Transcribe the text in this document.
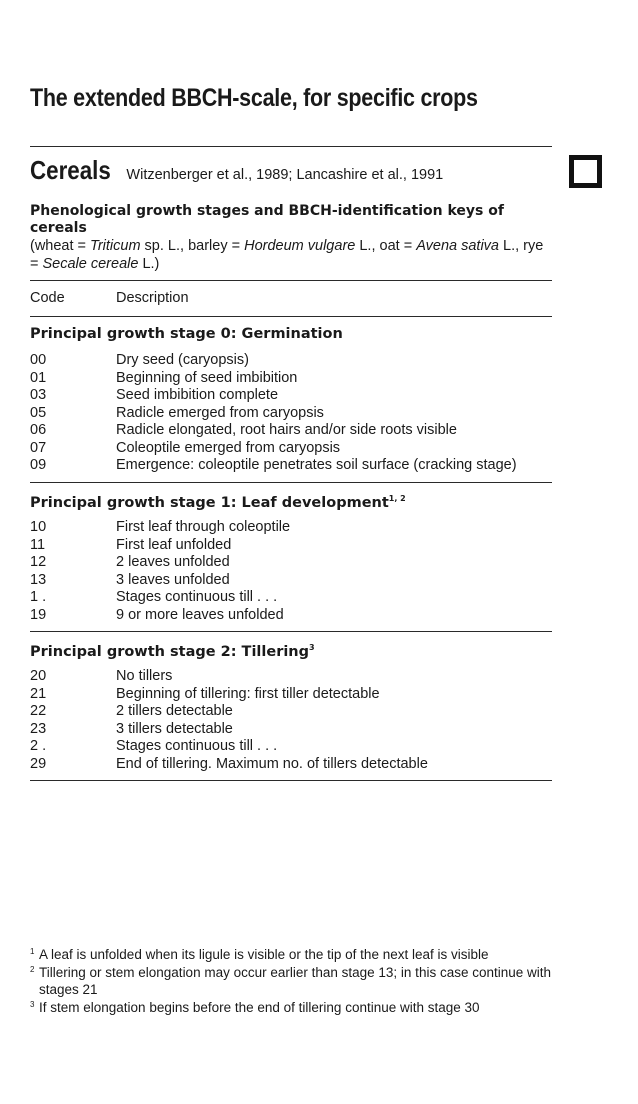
The extended BBCH-scale, for specific crops
Cereals Witzenberger et al., 1989; Lancashire et al., 1991
Phenological growth stages and BBCH-identification keys of cereals
(wheat = Triticum sp. L., barley = Hordeum vulgare L., oat = Avena sativa L., rye = Secale cereale L.)
Code	Description
Principal growth stage 0: Germination
00	Dry seed (caryopsis)
01	Beginning of seed imbibition
03	Seed imbibition complete
05	Radicle emerged from caryopsis
06	Radicle elongated, root hairs and/or side roots visible
07	Coleoptile emerged from caryopsis
09	Emergence: coleoptile penetrates soil surface (cracking stage)
Principal growth stage 1: Leaf development$^{1, 2}$
10	First leaf through coleoptile
11	First leaf unfolded
12	2 leaves unfolded
13	3 leaves unfolded
1 .	Stages continuous till . . .
19	9 or more leaves unfolded
Principal growth stage 2: Tillering$^3$
20	No tillers
21	Beginning of tillering: first tiller detectable
22	2 tillers detectable
23	3 tillers detectable
2 .	Stages continuous till . . .
29	End of tillering. Maximum no. of tillers detectable
1 A leaf is unfolded when its ligule is visible or the tip of the next leaf is visible
2 Tillering or stem elongation may occur earlier than stage 13; in this case continue with stages 21
3 If stem elongation begins before the end of tillering continue with stage 30
